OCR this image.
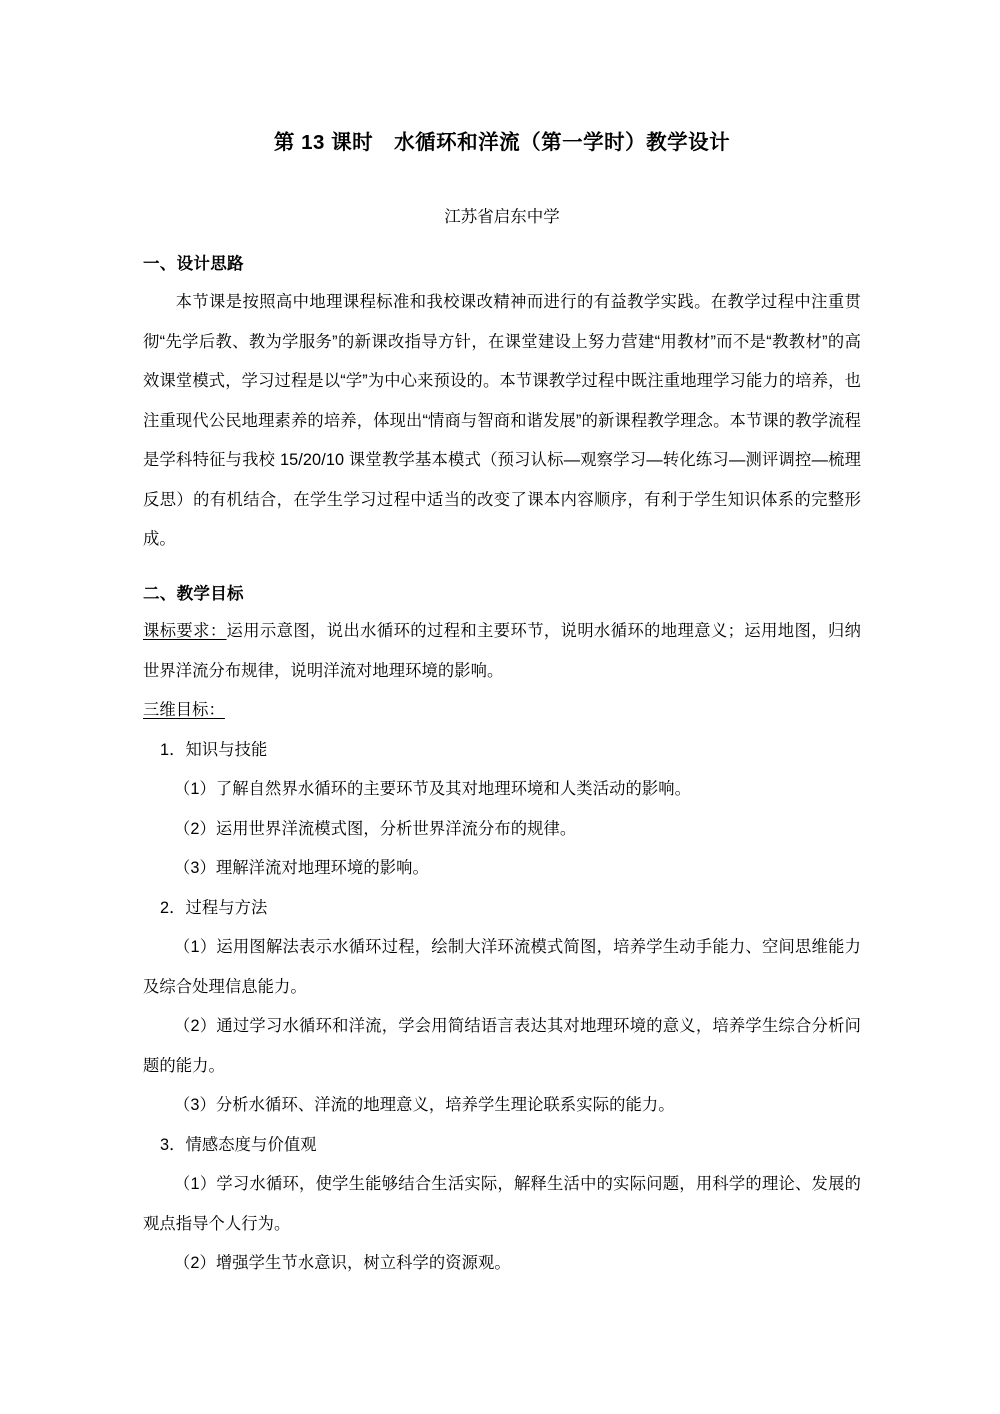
第 13 课时　水循环和洋流（第一学时）教学设计

江苏省启东中学

一、设计思路

本节课是按照高中地理课程标准和我校课改精神而进行的有益教学实践。在教学过程中注重贯彻“先学后教、教为学服务”的新课改指导方针，在课堂建设上努力营建“用教材”而不是“教教材”的高效课堂模式，学习过程是以“学”为中心来预设的。本节课教学过程中既注重地理学习能力的培养，也注重现代公民地理素养的培养，体现出“情商与智商和谐发展”的新课程教学理念。本节课的教学流程是学科特征与我校 15/20/10 课堂教学基本模式（预习认标—观察学习—转化练习—测评调控—梳理反思）的有机结合，在学生学习过程中适当的改变了课本内容顺序，有利于学生知识体系的完整形成。

二、教学目标

课标要求：运用示意图，说出水循环的过程和主要环节，说明水循环的地理意义；运用地图，归纳世界洋流分布规律，说明洋流对地理环境的影响。

三维目标：

1．知识与技能

（1）了解自然界水循环的主要环节及其对地理环境和人类活动的影响。

（2）运用世界洋流模式图，分析世界洋流分布的规律。

（3）理解洋流对地理环境的影响。

2．过程与方法

（1）运用图解法表示水循环过程，绘制大洋环流模式简图，培养学生动手能力、空间思维能力及综合处理信息能力。

（2）通过学习水循环和洋流，学会用简结语言表达其对地理环境的意义，培养学生综合分析问题的能力。

（3）分析水循环、洋流的地理意义，培养学生理论联系实际的能力。

3．情感态度与价值观

（1）学习水循环，使学生能够结合生活实际，解释生活中的实际问题，用科学的理论、发展的观点指导个人行为。

（2）增强学生节水意识，树立科学的资源观。
